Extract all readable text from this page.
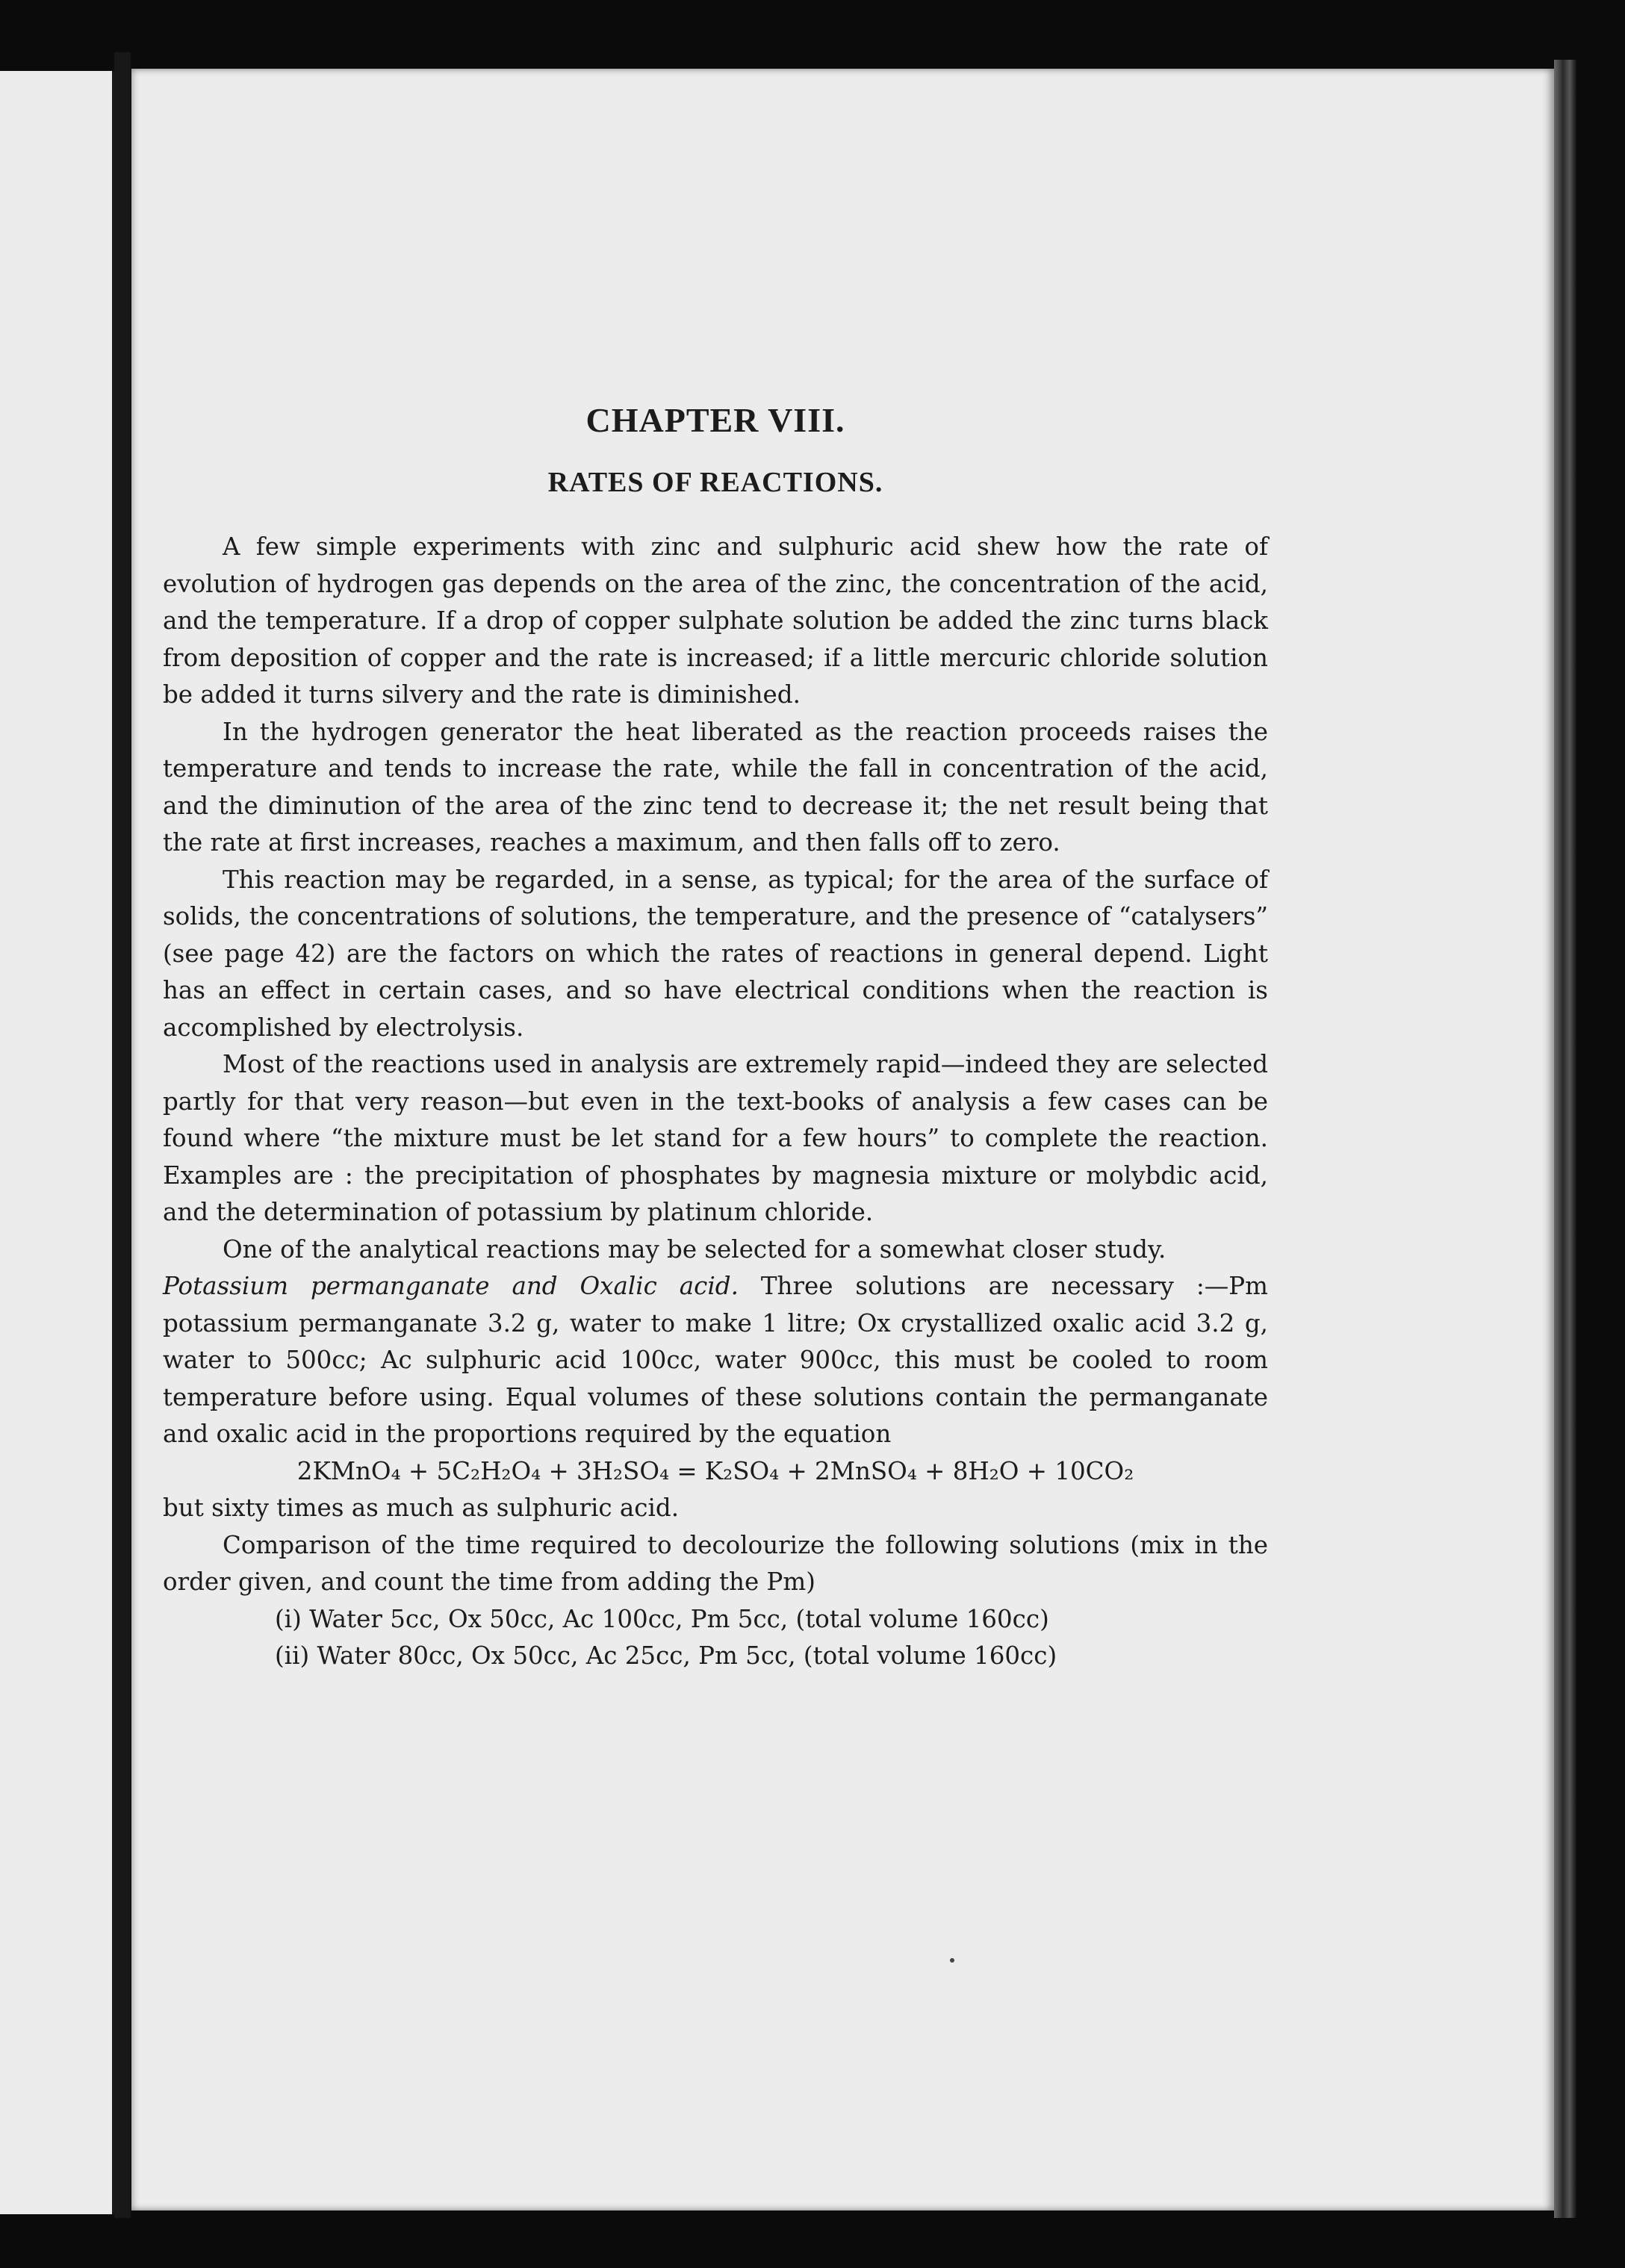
CHAPTER VIII.
RATES OF REACTIONS.

A few simple experiments with zinc and sulphuric acid shew how the rate of evolution of hydrogen gas depends on the area of the zinc, the concentration of the acid, and the temperature. If a drop of copper sulphate solution be added the zinc turns black from deposition of copper and the rate is increased; if a little mercuric chloride solution be added it turns silvery and the rate is diminished.

In the hydrogen generator the heat liberated as the reaction proceeds raises the temperature and tends to increase the rate, while the fall in concentration of the acid, and the diminution of the area of the zinc tend to decrease it; the net result being that the rate at first increases, reaches a maximum, and then falls off to zero.

This reaction may be regarded, in a sense, as typical; for the area of the surface of solids, the concentrations of solutions, the temperature, and the presence of “catalysers” (see page 42) are the factors on which the rates of reactions in general depend. Light has an effect in certain cases, and so have electrical conditions when the reaction is accomplished by electrolysis.

Most of the reactions used in analysis are extremely rapid—indeed they are selected partly for that very reason—but even in the text-books of analysis a few cases can be found where “the mixture must be let stand for a few hours” to complete the reaction. Examples are : the precipitation of phosphates by magnesia mixture or molybdic acid, and the determination of potassium by platinum chloride.

One of the analytical reactions may be selected for a somewhat closer study.

Potassium permanganate and Oxalic acid. Three solutions are necessary :—Pm potassium permanganate 3.2 g, water to make 1 litre; Ox crystallized oxalic acid 3.2 g, water to 500cc; Ac sulphuric acid 100cc, water 900cc, this must be cooled to room temperature before using. Equal volumes of these solutions contain the permanganate and oxalic acid in the proportions required by the equation

2KMnO₄ + 5C₂H₂O₄ + 3H₂SO₄ = K₂SO₄ + 2MnSO₄ + 8H₂O + 10CO₂

but sixty times as much as sulphuric acid.

Comparison of the time required to decolourize the following solutions (mix in the order given, and count the time from adding the Pm)

(i) Water 5cc, Ox 50cc, Ac 100cc, Pm 5cc, (total volume 160cc)
(ii) Water 80cc, Ox 50cc, Ac 25cc, Pm 5cc, (total volume 160cc)
